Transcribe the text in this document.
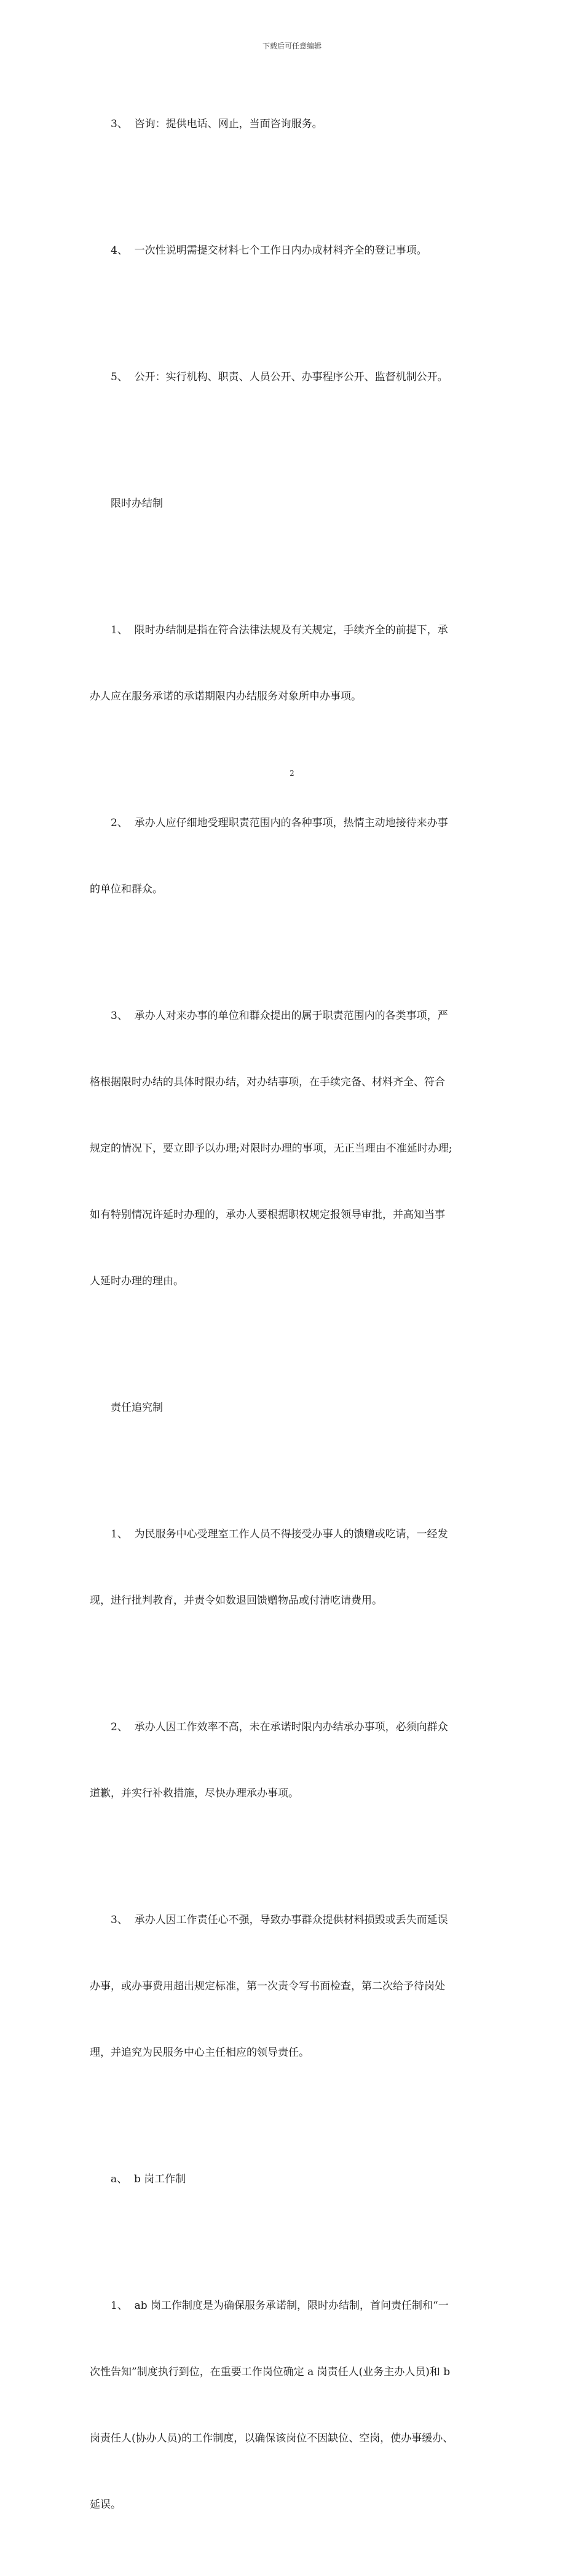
下载后可任意编辑

3、  咨询：提供电话、网止，当面咨询服务。

4、  一次性说明需提交材料七个工作日内办成材料齐全的登记事项。

5、  公开：实行机构、职责、人员公开、办事程序公开、监督机制公开。

限时办结制

1、  限时办结制是指在符合法律法规及有关规定，手续齐全的前提下，承

办人应在服务承诺的承诺期限内办结服务对象所申办事项。

2、  承办人应仔细地受理职责范围内的各种事项，热情主动地接待来办事

的单位和群众。

3、  承办人对来办事的单位和群众提出的属于职责范围内的各类事项，严

格根据限时办结的具体时限办结，对办结事项，在手续完备、材料齐全、符合

规定的情况下，要立即予以办理;对限时办理的事项，无正当理由不准延时办理;

如有特别情况许延时办理的，承办人要根据职权规定报领导审批，并高知当事

人延时办理的理由。

责任追究制

1、  为民服务中心受理室工作人员不得接受办事人的馈赠或吃请，一经发

现，进行批判教育，并责令如数退回馈赠物品或付清吃请费用。

2、  承办人因工作效率不高，未在承诺时限内办结承办事项，必须向群众

道歉，并实行补救措施，尽快办理承办事项。

3、  承办人因工作责任心不强，导致办事群众提供材料损毁或丢失而延误

办事，或办事费用超出规定标准，第一次责令写书面检查，第二次给予待岗处

理，并追究为民服务中心主任相应的领导责任。

a、  b 岗工作制

1、  ab 岗工作制度是为确保服务承诺制，限时办结制，首问责任制和“一

次性告知”制度执行到位，在重要工作岗位确定 a 岗责任人(业务主办人员)和 b

岗责任人(协办人员)的工作制度，以确保该岗位不因缺位、空岗，使办事缓办、

延误。

2
